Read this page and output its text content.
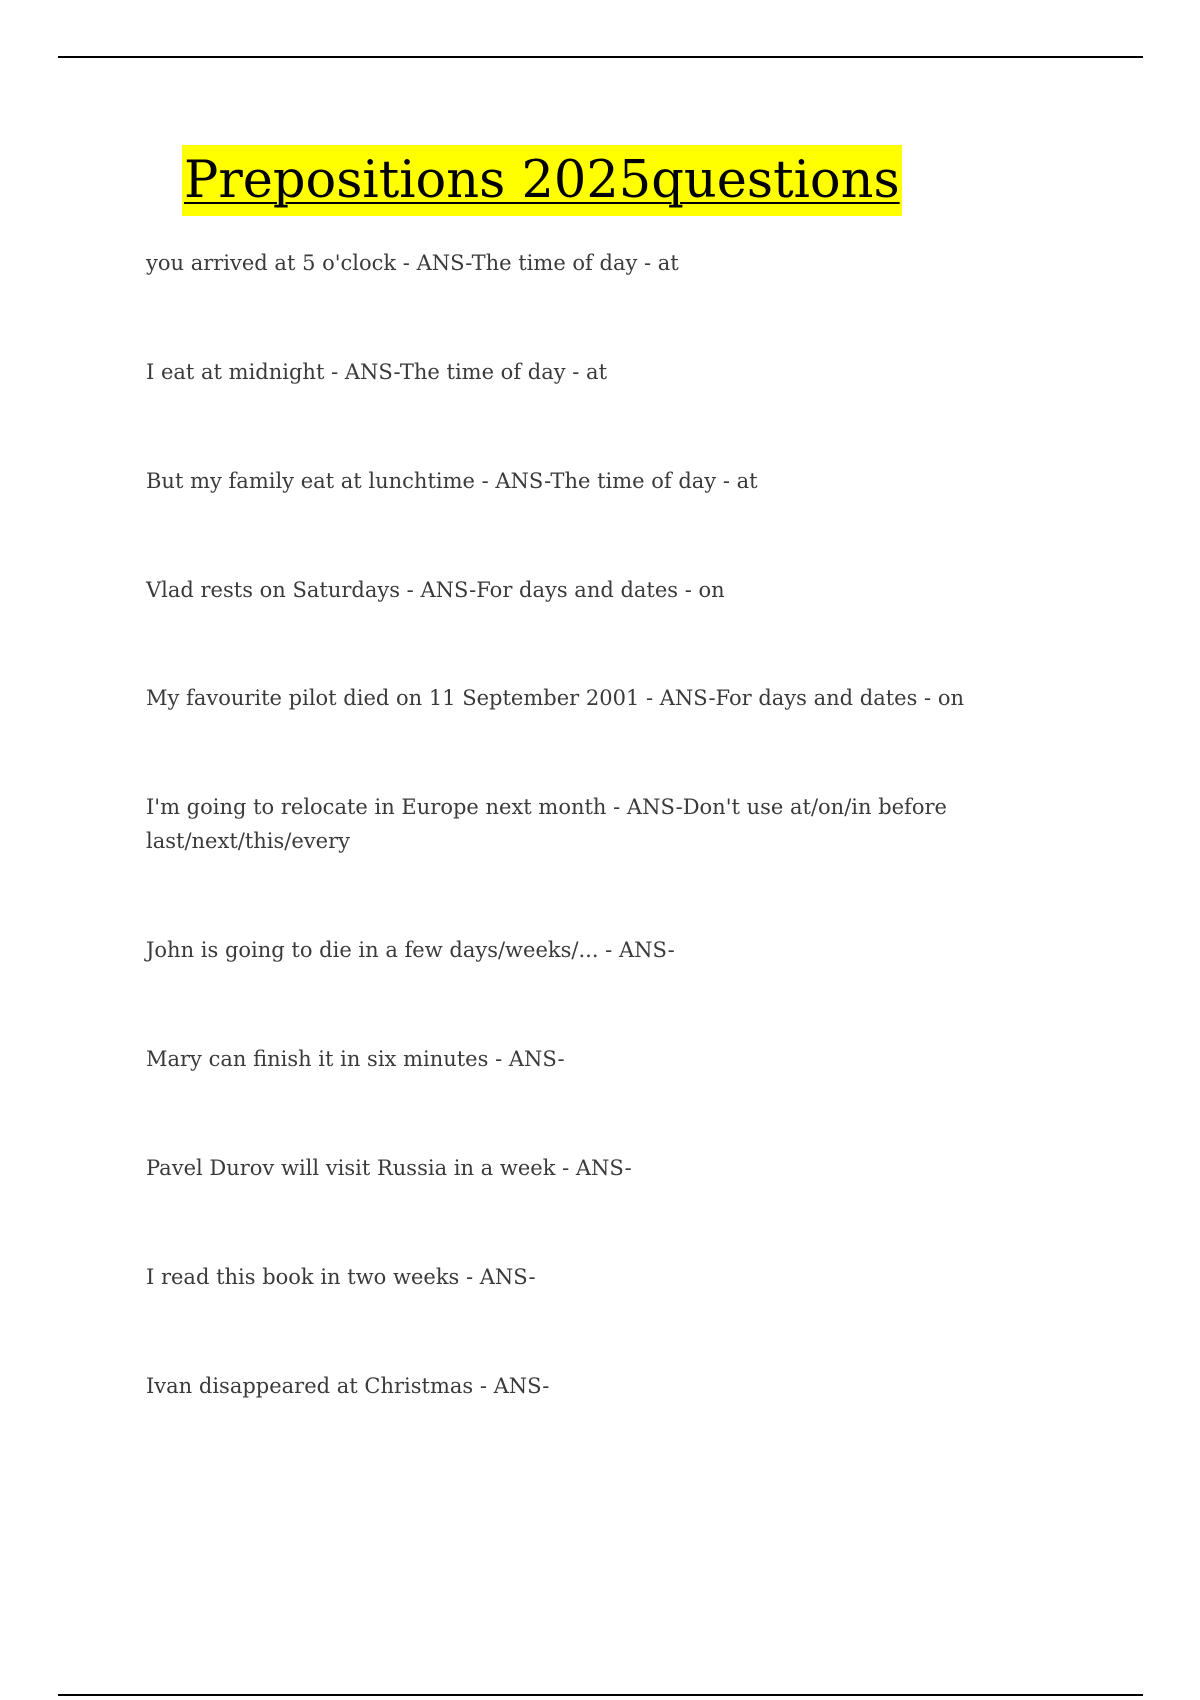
Prepositions 2025questions
you arrived at 5 o'clock - ANS-The time of day - at
I eat at midnight - ANS-The time of day - at
But my family eat at lunchtime - ANS-The time of day - at
Vlad rests on Saturdays - ANS-For days and dates - on
My favourite pilot died on 11 September 2001 - ANS-For days and dates - on
I'm going to relocate in Europe next month - ANS-Don't use at/on/in before last/next/this/every
John is going to die in a few days/weeks/... - ANS-
Mary can finish it in six minutes - ANS-
Pavel Durov will visit Russia in a week - ANS-
I read this book in two weeks - ANS-
Ivan disappeared at Christmas - ANS-
